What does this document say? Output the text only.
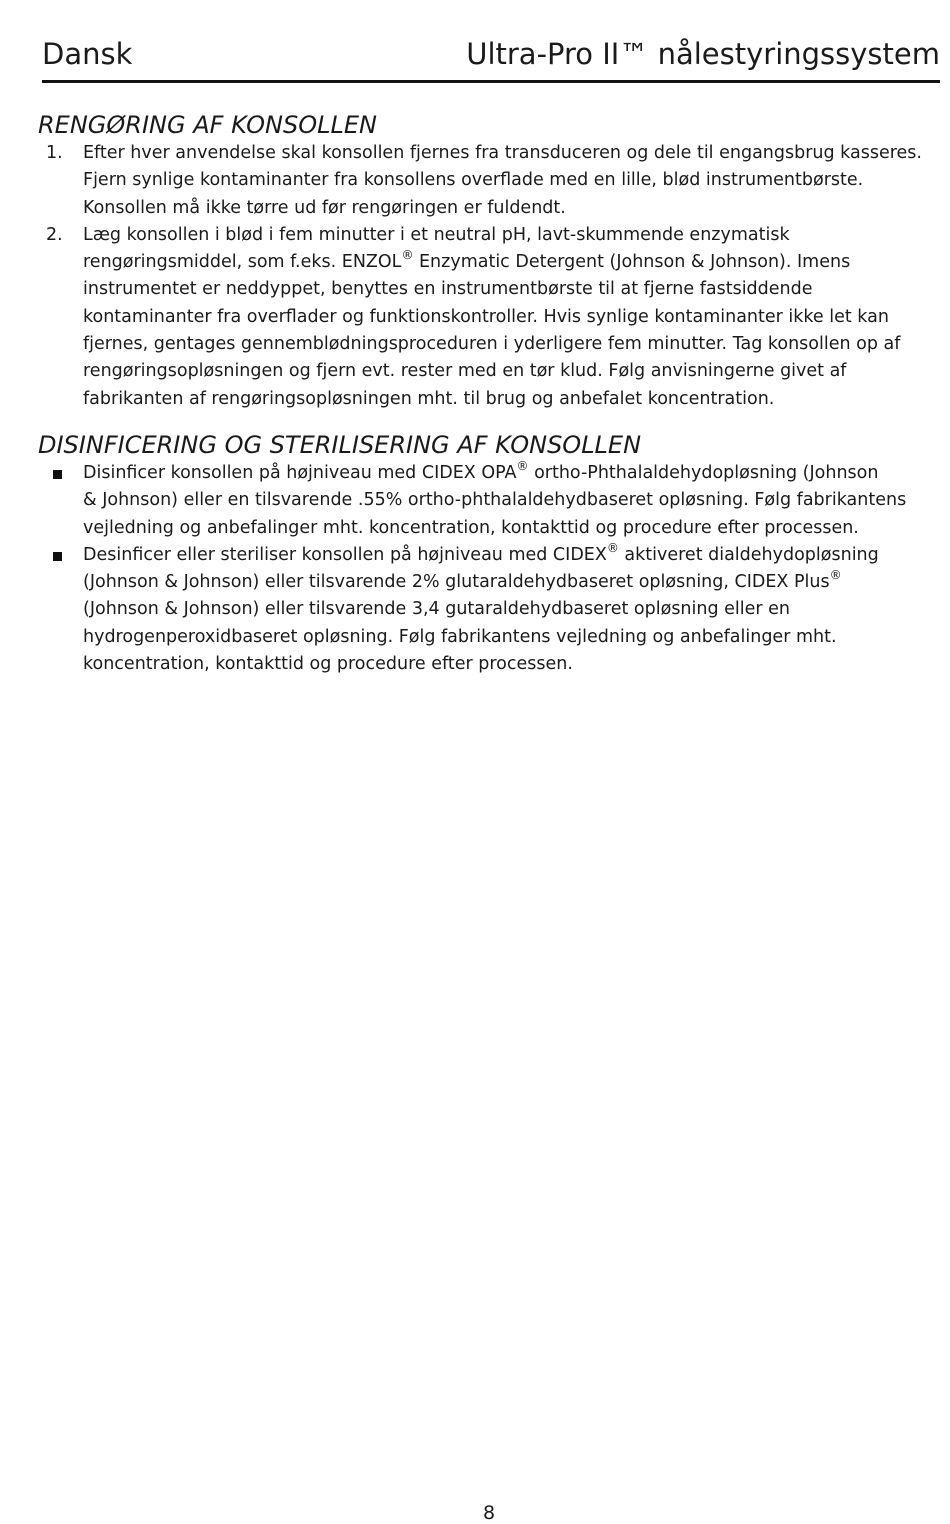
Dansk	Ultra-Pro II™ nålestyringssystem
RENGØRING AF KONSOLLEN
1. Efter hver anvendelse skal konsollen fjernes fra transduceren og dele til engangsbrug kasseres.
Fjern synlige kontaminanter fra konsollens overflade med en lille, blød instrumentbørste.
Konsollen må ikke tørre ud før rengøringen er fuldendt.
2. Læg konsollen i blød i fem minutter i et neutral pH, lavt-skummende enzymatisk
rengøringsmiddel, som f.eks. ENZOL® Enzymatic Detergent (Johnson & Johnson). Imens
instrumentet er neddyppet, benyttes en instrumentbørste til at fjerne fastsiddende
kontaminanter fra overflader og funktionskontroller. Hvis synlige kontaminanter ikke let kan
fjernes, gentages gennemblødningsproceduren i yderligere fem minutter. Tag konsollen op af
rengøringsopløsningen og fjern evt. rester med en tør klud. Følg anvisningerne givet af
fabrikanten af rengøringsopløsningen mht. til brug og anbefalet koncentration.
DISINFICERING OG STERILISERING AF KONSOLLEN
Disinficer konsollen på højniveau med CIDEX OPA® ortho-Phthalaldehydopløsning (Johnson
& Johnson) eller en tilsvarende .55% ortho-phthalaldehydbaseret opløsning. Følg fabrikantens
vejledning og anbefalinger mht. koncentration, kontakttid og procedure efter processen.
Desinficer eller steriliser konsollen på højniveau med CIDEX® aktiveret dialdehydopløsning
(Johnson & Johnson) eller tilsvarende 2% glutaraldehydbaseret opløsning, CIDEX Plus®
(Johnson & Johnson) eller tilsvarende 3,4 gutaraldehydbaseret opløsning eller en
hydrogenperoxidbaseret opløsning. Følg fabrikantens vejledning og anbefalinger mht.
koncentration, kontakttid og procedure efter processen.
8
